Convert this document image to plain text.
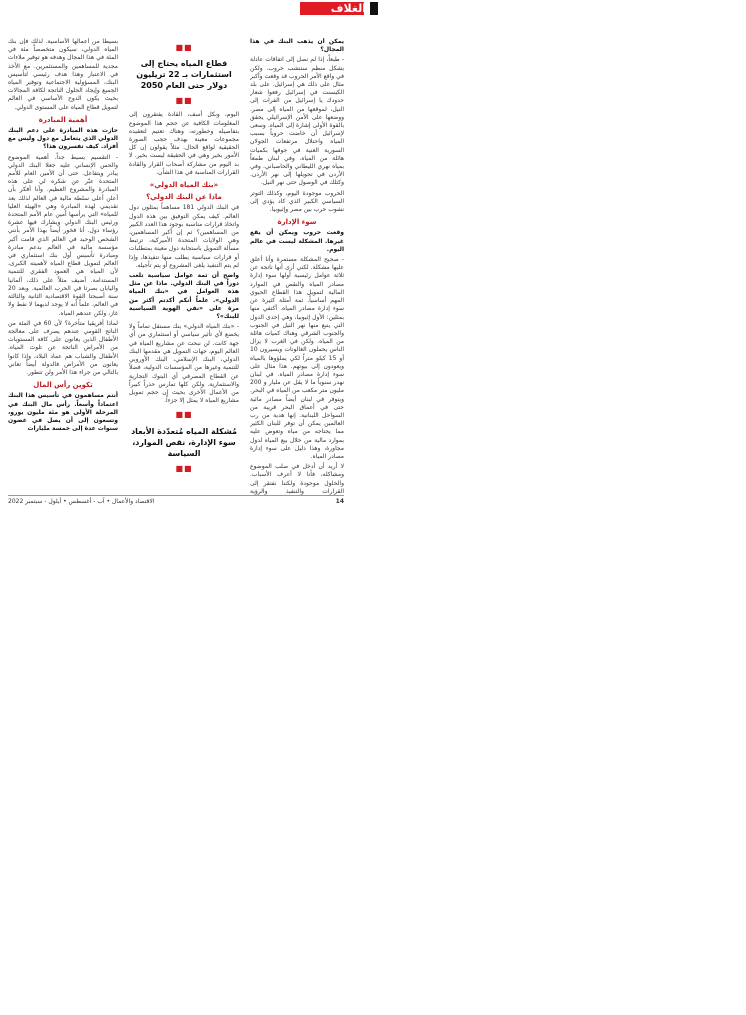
الغلاف

يمكن أن يذهب البنك في هذا المجال؟

- طبعاً، إذا لم نصل إلى اتفاقات عادلة بشكل منظم ستنشب حروب. ولكن في واقع الأمر الحروب قد وقعت وأكبر مثال على ذلك هي إسرائيل. على بلد الكيسنت في إسرائيل رفعوا شعار حدودك يا إسرائيل من الفرات إلى النيل، لموقعها من المياه إلى مصر. ووضعها على الأمن الإسرائيلي يحقق بالقوة الأولى إشارة إلى المياه. وسعى لإسرائيل أن خاضت حروباً بسبب المياه واحتلال مرتفعات الجولان السورية الغنية في جوفها بكميات هائلة من المياه. وفي لبنان طمعاً بمياه نهري الليطاني والحاصباني. وفي الأردن في تحويلها إلى نهر الأردن. وكتلك في الوصول حتى نهر النيل.

الحروب موجودة اليوم، وكذلك التوتر السياسي الكبير الذي كاد يؤدي إلى نشوب حرب بين مصر وإثيوبيا.

سوء الإدارة

وقعت حروب ويمكن أن يقع غيرها. المشكلة ليست في عالم اليوم.

- صحيح المشكلة مستمرة وأنا أعلق عليها مشكلة. لكني أرى أنها ناتجة عن ثلاثة عوامل رئيسية أولها سوء إدارة مصادر المياه والنقص في الموارد المالية لتمويل هذا القطاع الحيوي المهم أساسياً. ثمة أمثلة كثيرة عن سوء إدارة مصادر المياه. أكتفي منها بمثلين: الأول إثيوبيا، وهي إحدى الدول التي ينبع منها نهر النيل في الجنوب والجنوب الشرقي وهناك كميات هائلة من المياه. ولكن في الغرب لا يزال الناس يحملون الغالونات ويسيرون 10 أو 15 كيلو متراً لكي يملؤوها بالمياه ويعودون إلى بيوتهم. هذا مثال على سوء إدارة مصادر المياه. في لبنان نهدر سنوياً ما لا يقل عن مليار و 200 مليون متر مكعب من المياه في البحر. ويتوفر في لبنان أيضاً مصادر مائية حتى في أعماق البحر قريبة من السواحل اللبنانية. إنها هدية من رب العالمين يمكن أن توفر للبنان الكثير مما يحتاجه من مياه وتعوض عليه بموارد مالية من خلال بيع المياه لدول مجاورة، وهذا دليل على سوء إدارة مصادر المياه.

لا أريد أن أدخل في صلب الموضوع ومشاكله، فأنا لا أعرف الأسباب. والحلول موجودة ولكننا نفتقر إلى القرارات والتنفيذ والرؤية

■■
قطاع المياه يحتاج إلى استثمارات بـ 22 تريليون دولار حتى العام 2050
■■

اليوم، وبكل أسف، القادة يفتقرون إلى المعلومات الكافية عن حجم هذا الموضوع بتفاصيله وخطورته، وهناك تعتيم لتعقيده مجموعات معينة بهدف حجب الصورة الحقيقية لواقع الحال. مثلاً يقولون إن كل الأمور بخير وهي في الحقيقة ليست بخير. لا بد اليوم من مشاركة أصحاب القرار والقادة القرارات المناسبة في هذا الشأن.

«بنك المياه الدولي»
ماذا عن البنك الدولي؟

في البنك الدولي 181 مساهماً يمثلون دول العالم. كيف يمكن التوفيق بين هذه الدول واتخاذ قرارات مناسبة بوجود هذا العدد الكبير من المساهمين؟ ثم إن أكبر المساهمين، وهي الولايات المتحدة الأميركية، ترتبط مسألة التمويل باستجابة دول معينة بمتطلبات أو قرارات سياسية يطلب منها تنفيذها، وإذا لم يتم التنفيذ يلغى المشروع أو يتم تأجيله.

واضح أن ثمة عوامل سياسية تلعب دوراً في البنك الدولي. ماذا عن مثل هذه العوامل في «بنك المياه الدولي». علماً أنكم أكدتم أكثر من مرة على «نفي الهوية السياسية للبنك»؟

- «بنك المياه الدولي» بنك مستقل تماماً ولا يخضع لأي تأثير سياسي أو استثماري من أي جهة كانت. لن نبحث عن مشاريع المياه في العالم اليوم، جهات التمويل هي مقدمها البنك الدولي، البنك الإسلامي، البنك الأوروبي للتنمية وغيرها من المؤسسات الدولية، فضلاً عن القطاع المصرفي أي البنوك التجارية والاستثمارية. ولكن كلها تمارس حذراً كبيراً من الأعمال الأخرى بحيث إن حجم تمويل مشاريع المياه لا يمثل إلا جزءاً.

■■
مُشكلة المياه مُتعدّدة الأبعاد سوء الإدارة، نقص الموارد، السياسة
■■

بسيطاً من أعمالها الأساسية. لذلك فإن بنك المياه الدولي، سيكون متخصصاً مئة في المئة في هذا المجال وهدفه هو توفير ملاءات مجدية للمساهمين والمستثمرين. مع الأخذ في الاعتبار وهذا هدف رئيسي لتأسيس البنك، المسؤولية الاجتماعية وتوفير المياه الجميع وإيجاد الحلول الناتجة لكافة المجالات بحيث يكون الدوح الأساسي في العالم لتمويل قطاع المياه على المستوى الدولي.

أهمية المبادرة

حازت هذه المبادرة على دعم البنك الدولي الذي يتعامل مع دول وليس مع أفراد. كيف تفسرون هذا؟

- التقسيم بسيط جداً. أهمية الموضوع والحس الإنساني عليه جعلا البنك الدولي يبادر ويتفاعل. حتى أن الأمين العام للأمم المتحدة عبّر عن شكره لي على هذه المبادرة والمشروع العظيم. وأنا أفكر بأن أعلن أعلى سلطة مالية في العالم لذلك بعد تقديمي لهذه المبادرة وهي «الهيئة العليا للمياه» التي يرأسها أمين عام الأمم المتحدة ورئيس البنك الدولي ويشارك فيها عشرة رؤساء دول. أنا فخور أيضاً بهذا الأمر بأنني الشخص الوحيد في العالم الذي قامت أكبر مؤسسة مالية في العالم بدعم مبادرة ومبادرة تأسيس أول بنك استثماري في العالم لتمويل قطاع المياه لأهميته الكبرى، لأن المياه هي العمود الفقري للتنمية المستدامة. أضيف مثلاً على ذلك، ألمانيا واليابان بصرتا في الحرب العالمية. وبعد 20 سنة أصبحتا القوة الاقتصادية الثانية والثالثة في العالم، علماً أنه لا يوجد لديهما لا نفط ولا غاز، ولكن عندهم المياه.

لماذا أفريقيا متأخرة؟ لأن 60 في المئة من الناتج القومي عندهم يصرف على معالجة الأطفال الذين يعانون على كافة المستويات من الأمراض الناتجة عن تلوث المياه. الأطفال والشباب هم عماد البلاد، وإذا كانوا يعانون من الأمراض فالدولة أيضاً تعاني بالتالي من جراء هذا الأمر ولن تتطور.

تكوين رأس المال

أنتم مساهمون في تأسيس هذا البنك اعتماداً وأسعاً. رأس مال البنك في المرحلة الأولى هو مئة مليون يورو، وتسعون إلى أن يصل في غضون سنوات عدة إلى خمسة مليارات

14
الاقتصاد والأعمال • آب - أغسطس • أيلول - سبتمبر 2022
